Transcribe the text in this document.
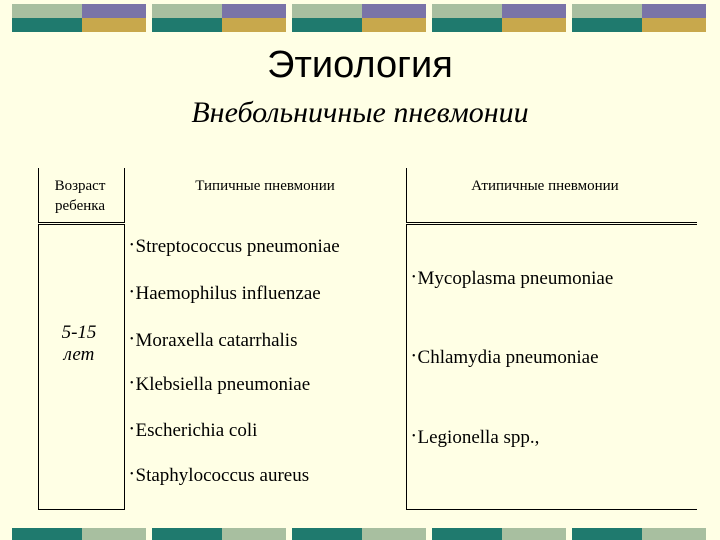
Этиология
Внебольничные пневмонии
Возраст
ребенка
Типичные пневмонии	Атипичные пневмонии
5-15
лет
• Streptococcus pneumoniae
• Haemophilus influenzae
• Moraxella catarrhalis
• Klebsiella pneumoniae
• Escherichia coli
• Staphylococcus aureus
• Mycoplasma pneumoniae
• Chlamydia pneumoniae
• Legionella spp.,
